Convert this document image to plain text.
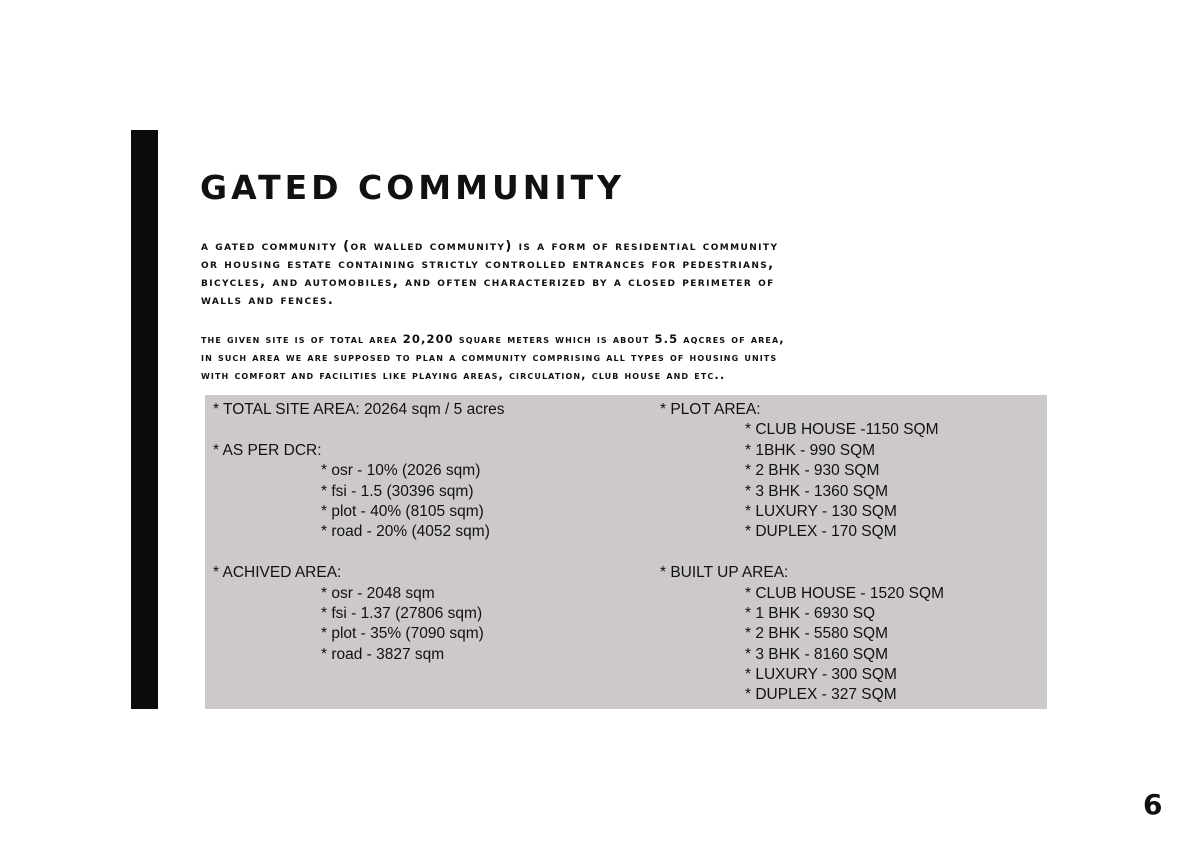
GATED COMMUNITY

a gated community (or walled community) is a form of residential community
or housing estate containing strictly controlled entrances for pedestrians,
bicycles, and automobiles, and often characterized by a closed perimeter of
walls and fences.

the given site is of total area 20,200 square meters which is about 5.5 aqcres of area,
in such area we are supposed to plan a community comprising all types of housing units
with comfort and facilities like playing areas, circulation, club house and etc..

* TOTAL SITE AREA: 20264 sqm / 5 acres
* AS PER DCR:
* osr - 10% (2026 sqm)
* fsi - 1.5 (30396 sqm)
* plot - 40% (8105 sqm)
* road - 20% (4052 sqm)
* ACHIVED AREA:
* osr - 2048 sqm
* fsi - 1.37 (27806 sqm)
* plot - 35% (7090 sqm)
* road - 3827 sqm
* PLOT AREA:
* CLUB HOUSE -1150 SQM
* 1BHK - 990 SQM
* 2 BHK - 930 SQM
* 3 BHK - 1360 SQM
* LUXURY - 130 SQM
* DUPLEX - 170 SQM
* BUILT UP AREA:
* CLUB HOUSE - 1520 SQM
* 1 BHK - 6930 SQ
* 2 BHK - 5580 SQM
* 3 BHK - 8160 SQM
* LUXURY - 300 SQM
* DUPLEX - 327 SQM
6
